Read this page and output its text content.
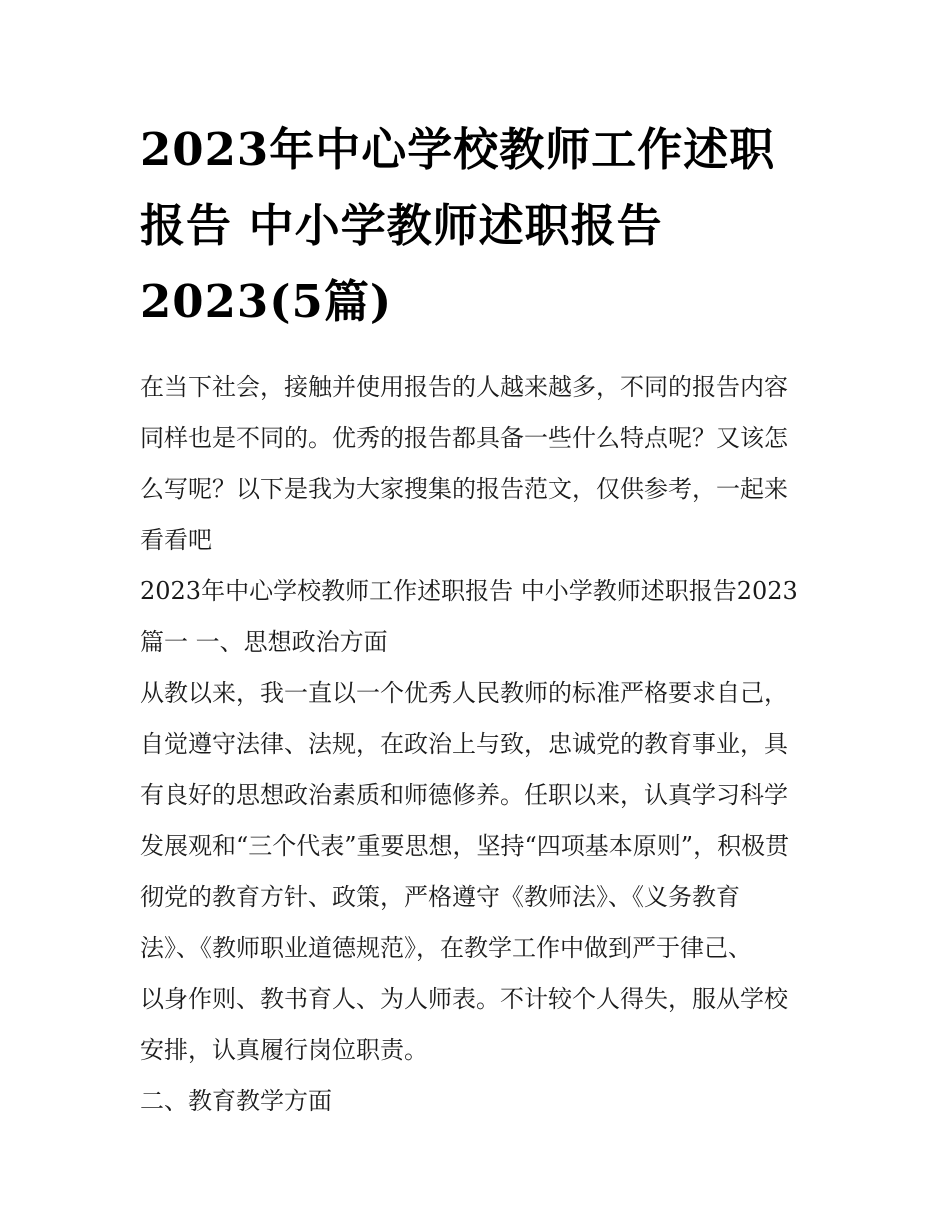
2023年中心学校教师工作述职
报告 中小学教师述职报告
2023(5篇)
在当下社会，接触并使用报告的人越来越多，不同的报告内容
同样也是不同的。优秀的报告都具备一些什么特点呢？又该怎
么写呢？以下是我为大家搜集的报告范文，仅供参考，一起来
看看吧
2023年中心学校教师工作述职报告 中小学教师述职报告2023
篇一 一、思想政治方面
从教以来，我一直以一个优秀人民教师的标准严格要求自己，
自觉遵守法律、法规，在政治上与致，忠诚党的教育事业，具
有良好的思想政治素质和师德修养。任职以来，认真学习科学
发展观和“三个代表”重要思想，坚持“四项基本原则”，积极贯
彻党的教育方针、政策，严格遵守《教师法》、《义务教育
法》、《教师职业道德规范》，在教学工作中做到严于律己、
以身作则、教书育人、为人师表。不计较个人得失，服从学校
安排，认真履行岗位职责。
二、教育教学方面
